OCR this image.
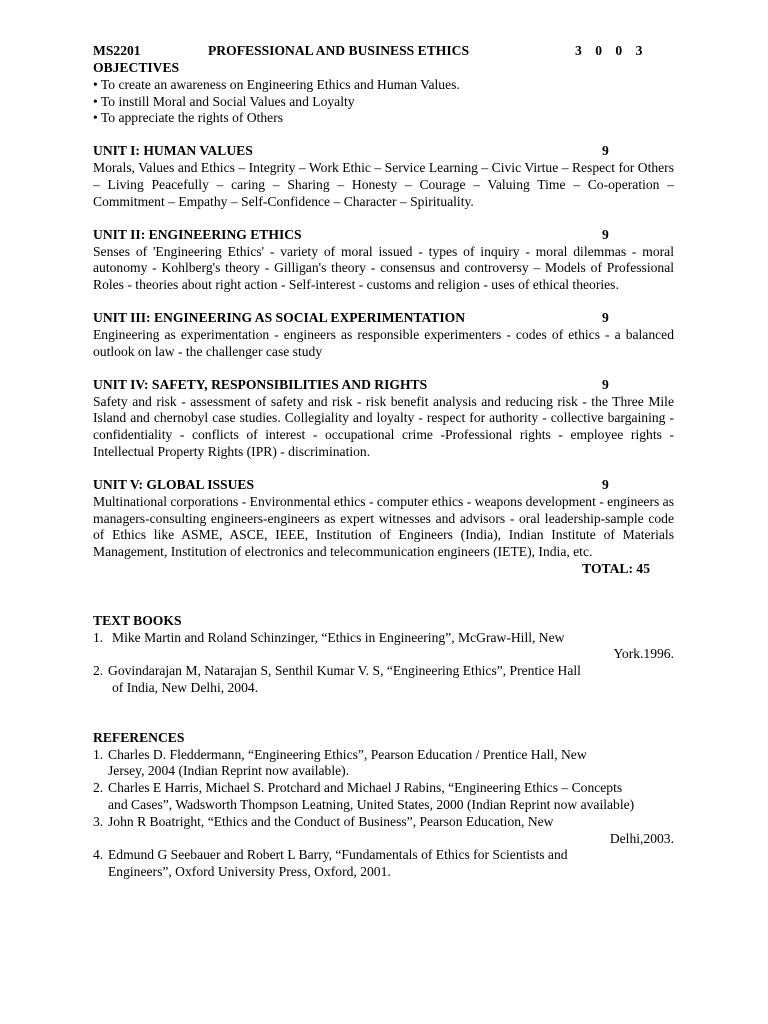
MS2201	PROFESSIONAL AND BUSINESS ETHICS	3 0 0 3
OBJECTIVES
• To create an awareness on Engineering Ethics and Human Values.
• To instill Moral and Social Values and Loyalty
• To appreciate the rights of Others
UNIT I: HUMAN VALUES	9
Morals, Values and Ethics – Integrity – Work Ethic – Service Learning – Civic Virtue – Respect for Others – Living Peacefully – caring – Sharing – Honesty – Courage – Valuing Time – Co-operation – Commitment – Empathy – Self-Confidence – Character – Spirituality.
UNIT II: ENGINEERING ETHICS	9
Senses of 'Engineering Ethics' - variety of moral issued - types of inquiry - moral dilemmas - moral autonomy - Kohlberg's theory - Gilligan's theory - consensus and controversy – Models of Professional Roles - theories about right action - Self-interest - customs and religion - uses of ethical theories.
UNIT III: ENGINEERING AS SOCIAL EXPERIMENTATION	9
Engineering as experimentation - engineers as responsible experimenters - codes of ethics - a balanced outlook on law - the challenger case study
UNIT IV: SAFETY, RESPONSIBILITIES AND RIGHTS	9
Safety and risk - assessment of safety and risk - risk benefit analysis and reducing risk - the Three Mile Island and chernobyl case studies. Collegiality and loyalty - respect for authority - collective bargaining - confidentiality - conflicts of interest - occupational crime -Professional rights - employee rights - Intellectual Property Rights (IPR) - discrimination.
UNIT V: GLOBAL ISSUES	9
Multinational corporations - Environmental ethics - computer ethics - weapons development - engineers as managers-consulting engineers-engineers as expert witnesses and advisors - oral leadership-sample code of Ethics like ASME, ASCE, IEEE, Institution of Engineers (India), Indian Institute of Materials Management, Institution of electronics and telecommunication engineers (IETE), India, etc.
TOTAL: 45
TEXT BOOKS
1. Mike Martin and Roland Schinzinger, “Ethics in Engineering”, McGraw-Hill, New
York.1996.
2. Govindarajan M, Natarajan S, Senthil Kumar V. S, “Engineering Ethics”, Prentice Hall
of India, New Delhi, 2004.
REFERENCES
1. Charles D. Fleddermann, “Engineering Ethics”, Pearson Education / Prentice Hall, New Jersey, 2004 (Indian Reprint now available).
2. Charles E Harris, Michael S. Protchard and Michael J Rabins, “Engineering Ethics – Concepts and Cases”, Wadsworth Thompson Leatning, United States, 2000 (Indian Reprint now available)
3. John R Boatright, “Ethics and the Conduct of Business”, Pearson Education, New
Delhi,2003.
4. Edmund G Seebauer and Robert L Barry, “Fundamentals of Ethics for Scientists and Engineers”, Oxford University Press, Oxford, 2001.
